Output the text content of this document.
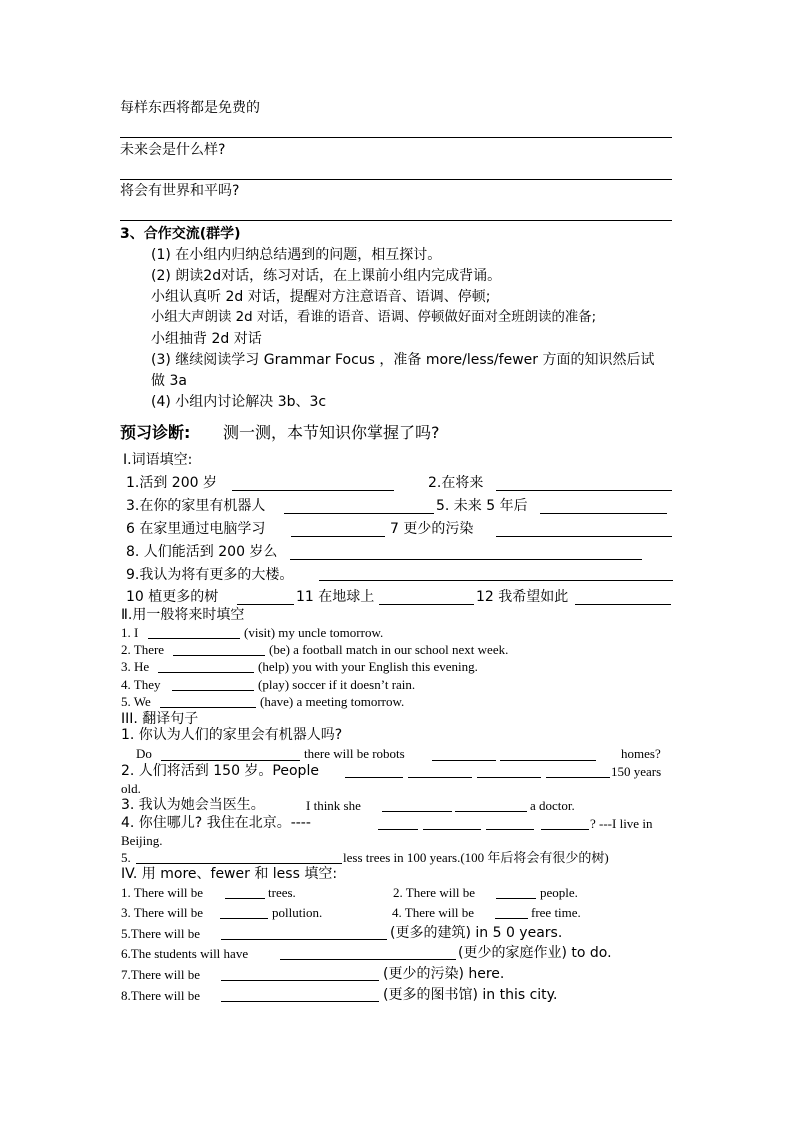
每样东西将都是免费的
未来会是什么样?
将会有世界和平吗?
3、合作交流(群学)
(1) 在小组内归纳总结遇到的问题，相互探讨。
(2) 朗读2d对话，练习对话，在上课前小组内完成背诵。
小组认真听 2d 对话，提醒对方注意语音、语调、停顿;
小组大声朗读 2d 对话，看谁的语音、语调、停顿做好面对全班朗读的准备;
小组抽背 2d 对话
(3) 继续阅读学习 Grammar Focus ，准备 more/less/fewer 方面的知识然后试
做 3a
(4) 小组内讨论解决 3b、3c
预习诊断: 测一测，本节知识你掌握了吗?
Ⅰ.词语填空:
1.活到 200 岁	2.在将来
3.在你的家里有机器人	5. 未来 5 年后
6 在家里通过电脑学习	7 更少的污染
8. 人们能活到 200 岁么
9.我认为将有更多的大楼。
10 植更多的树	11 在地球上	12 我希望如此
Ⅱ.用一般将来时填空
1. I	(visit) my uncle tomorrow.
2. There	(be) a football match in our school next week.
3. He	(help) you with your English this evening.
4. They	(play) soccer if it doesn’t rain.
5. We	(have) a meeting tomorrow.
III. 翻译句子
1. 你认为人们的家里会有机器人吗?
Do	there will be robots	homes?
2. 人们将活到 150 岁。People	150 years
old.
3. 我认为她会当医生。	I think she	a doctor.
4. 你住哪儿? 我住在北京。----	? ---I live in
Beijing.
5.	less trees in 100 years.(100 年后将会有很少的树)
IV. 用 more、fewer 和 less 填空:
1. There will be	trees.	2. There will be	people.
3. There will be	pollution.	4. There will be	free time.
5.There will be	(更多的建筑) in 5 0 years.
6.The students will have	(更少的家庭作业) to do.
7.There will be	(更少的污染) here.
8.There will be	(更多的图书馆) in this city.
